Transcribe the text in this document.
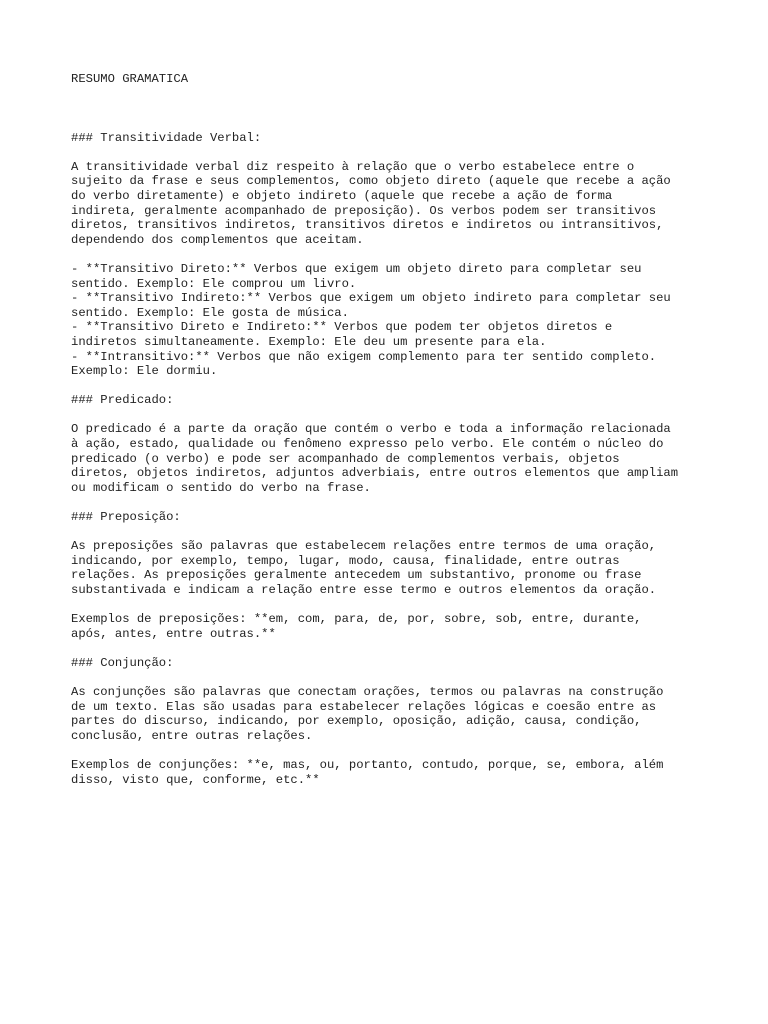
RESUMO GRAMATICA
### Transitividade Verbal:
A transitividade verbal diz respeito à relação que o verbo estabelece entre o
sujeito da frase e seus complementos, como objeto direto (aquele que recebe a ação
do verbo diretamente) e objeto indireto (aquele que recebe a ação de forma
indireta, geralmente acompanhado de preposição). Os verbos podem ser transitivos
diretos, transitivos indiretos, transitivos diretos e indiretos ou intransitivos,
dependendo dos complementos que aceitam.
- **Transitivo Direto:** Verbos que exigem um objeto direto para completar seu
sentido. Exemplo: Ele comprou um livro.
- **Transitivo Indireto:** Verbos que exigem um objeto indireto para completar seu
sentido. Exemplo: Ele gosta de música.
- **Transitivo Direto e Indireto:** Verbos que podem ter objetos diretos e
indiretos simultaneamente. Exemplo: Ele deu um presente para ela.
- **Intransitivo:** Verbos que não exigem complemento para ter sentido completo.
Exemplo: Ele dormiu.
### Predicado:
O predicado é a parte da oração que contém o verbo e toda a informação relacionada
à ação, estado, qualidade ou fenômeno expresso pelo verbo. Ele contém o núcleo do
predicado (o verbo) e pode ser acompanhado de complementos verbais, objetos
diretos, objetos indiretos, adjuntos adverbiais, entre outros elementos que ampliam
ou modificam o sentido do verbo na frase.
### Preposição:
As preposições são palavras que estabelecem relações entre termos de uma oração,
indicando, por exemplo, tempo, lugar, modo, causa, finalidade, entre outras
relações. As preposições geralmente antecedem um substantivo, pronome ou frase
substantivada e indicam a relação entre esse termo e outros elementos da oração.
Exemplos de preposições: **em, com, para, de, por, sobre, sob, entre, durante,
após, antes, entre outras.**
### Conjunção:
As conjunções são palavras que conectam orações, termos ou palavras na construção
de um texto. Elas são usadas para estabelecer relações lógicas e coesão entre as
partes do discurso, indicando, por exemplo, oposição, adição, causa, condição,
conclusão, entre outras relações.
Exemplos de conjunções: **e, mas, ou, portanto, contudo, porque, se, embora, além
disso, visto que, conforme, etc.**
